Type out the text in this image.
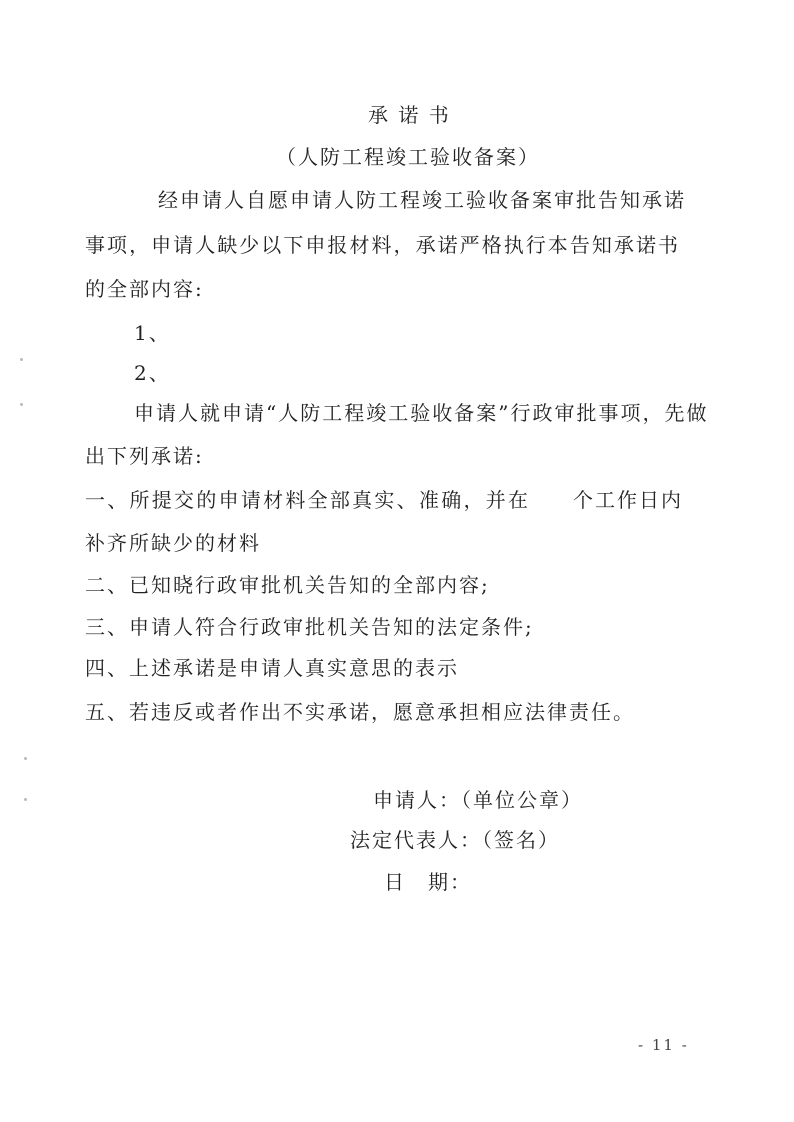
承 诺 书
（人防工程竣工验收备案）
经申请人自愿申请人防工程竣工验收备案审批告知承诺
事项，申请人缺少以下申报材料，承诺严格执行本告知承诺书
的全部内容:
1、
2、
申请人就申请“人防工程竣工验收备案”行政审批事项，先做
出下列承诺:
一、所提交的申请材料全部真实、准确，并在 个工作日内
补齐所缺少的材料
二、已知晓行政审批机关告知的全部内容;
三、申请人符合行政审批机关告知的法定条件;
四、上述承诺是申请人真实意思的表示
五、若违反或者作出不实承诺，愿意承担相应法律责任。
申请人：（单位公章）
法定代表人：（签名）
日　期：
- 11 -
